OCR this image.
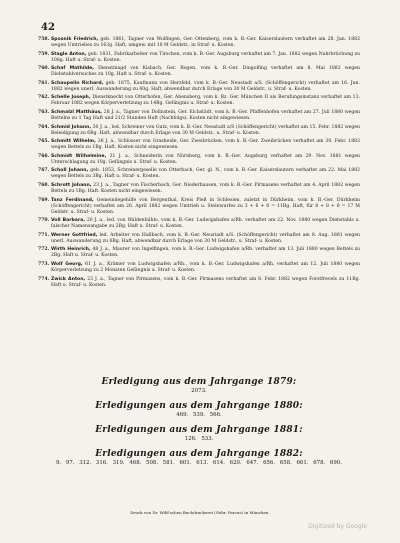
42
758. Sposnik Friedrich, geb. 1861, Tagner von Wolfingen, Ger. Ottenberg, vom k. B.-Ger. Kaiserslautern verhaftet am 28. Jun. 1882 wegen Umtriebes zu 163g. Haft, umgew. mit 10 M Geldstr., in Straf- u. Kosten.
759. Stagle Anton, geb. 1831, Fabrikarbeiter von Tirschen, vom k. B.-Ger. Augsburg verhaftet am 7. Jan. 1882 wegen Nahrbrüchung zu 108g. Haft u. Straf- u. Kosten.
760. Schaf Mathilde, Dienstmagd von Kisbach, Ger. Rogen, vom k. B.-Ger. Dingolfing verhaftet am 8. Mai 1882 wegen Diebstahlversuches zu 10g. Haft u. Straf- u. Kosten.
761. Schaupelin Richard, geb. 1875, Kaufmann von Herzfeld, vom k. B.-Ger. Neustadt a/S. (Schöffengericht) verhaftet am 16. Jun. 1882 wegen unerl. Auswanderung zu 60g. Haft, abwendbar durch Erlage von 30 M Geldstr., u. Straf- u. Kosten.
762. Schelle Joseph, Dienstknecht von Otterhofen, Ger. Abensberg, vom k. Bz. Ger. München II als Berufungsinstanz verhaftet am 13. Februar 1882 wegen Körperverletzung zu 14Bg. Gefängnis u. Straf- u. Kosten.
763. Schmalzl Matthäus, 28 J. a., Tagner von Dollnstein, Ger. Eichstädt, vom k. B.-Ger. Pfaffenhofen verhaftet am 27. Juli 1880 wegen Bettelns zu 1 Tag Haft und 21/2 Stunden Haft (Nachfolgs). Kosten nicht eingewiesen.
764. Schmid Johann, 30 J. a., led. Schreiner von Gutz, vom k. B.-Ger. Neustadt a/S (Schöffengericht) verhaftet am 15. Febr. 1882 wegen Beleidigung zu 6Bg. Haft, abwendbar durch Erlage von 30 M Geldstr., u. Straf- u. Kosten.
765. Schmitt Wilhelm, 36 J. a., Schlosser von Grasheide, Ger. Zweibrücken, vom k. B.-Ger. Zweibrücken verhaftet am 30. Febr. 1882 wegen Bettels zu 1Bg. Haft. Kosten nicht eingewiesen.
766. Schmidt Wilhelmine, 31 J. a., Schneiderin von Nürnberg, vom k. B.-Ger. Augsburg verhaftet am 29. Nov. 1881 wegen Unterschlagung zu 10g. Gefängnis u. Straf- u. Kosten.
767. Scholl Johann, geb. 1853, Schreinergeselle von Otterbach, Ger. gl. N., vom k. B.-Ger. Kaiserslautern verhaftet am 22. Mai 1882 wegen Bettels zu 3Bg. Haft u. Straf- u. Kosten.
768. Schrott Johann, 23 J. a., Tagner von Fischerbach, Ger. Niederhausen, vom k. B.-Ger. Pirmasens verhaftet am 4. April 1882 wegen Bettels zu 1Bg. Haft. Kosten nicht eingewiesen.
769. Tanz Ferdinand, Gemeindegehilfe von Bergenthal, Kreis Pleß in Schlesien, zuletzt in Dürkheim, vom k. B.-Ger. Dürkheim (Schöffengericht) verhaftet am 26. April 1882 wegen Umtrieb u. Steinwurfes zu 3 + 6 + 8 = 11Bg. Haft, für 8 + 8 + 8 = 17 M Geldstr. u. Straf- u. Kosten.
770. Voll Barbara, 20 J. a., led. von Waldenbühlo, vom k. B.-Ger. Ludwigshafen a/Rh. verhaftet am 22. Nov. 1880 wegen Diebstahls u. falscher Namensangabe zu 2Bg. Haft u. Straf- u. Kosten.
771. Werner Gottfried, led. Arbeiter von Hallbach, vom k. B.-Ger. Neustadt a/S. (Schöffengericht) verhaftet am 8. Aug. 1881 wegen unerl. Auswanderung zu 6Bg. Haft, abwendbar durch Erlage von 30 M Geldstr., u. Straf- u. Kosten.
772. Wirth Heinrich, 48 J. a., Maurer von Ingelfingen, vom k. B.-Ger. Ludwigshafen a/Rh. verhaftet am 13. Juli 1880 wegen Bettels zu 2Bg. Haft u. Straf- u. Kosten.
773. Wolf Georg, 61 J. a., Krämer von Ludwigshafen a/Rh., vom k. B.-Ger. Ludwigshafen a/Rh. verhaftet am 12. Juli 1880 wegen Körperverletzung zu 2 Monaten Gefängnis u. Straf- u. Kosten.
774. Zwick Anton, 23 J. a., Tagner von Pirmasens, vom k. B.-Ger. Pirmasens verhaftet am 8. Febr. 1882 wegen Forstfrevels zu 11Bg. Haft u. Straf- u. Kosten.
Erledigung aus dem Jahrgange 1879:
2073.
Erledigungen aus dem Jahrgange 1880:
469. 539. 566.
Erledigungen aus dem Jahrgange 1881:
126. 533.
Erledigungen aus dem Jahrgange 1882:
9. 97. 312. 316. 319. 468. 508. 581. 601. 613. 614. 620. 647. 656. 658. 661. 678. 690.
Druck von Dr. Wild'schen Buchdruckerei (Gebr. Parcus) in München.
Digitized by Google
